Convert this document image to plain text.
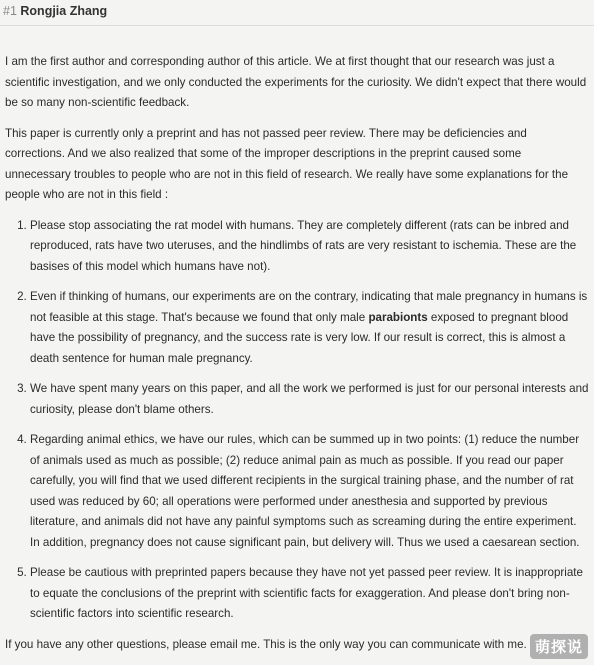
#1 Rongjia Zhang

I am the first author and corresponding author of this article. We at first thought that our research was just a scientific investigation, and we only conducted the experiments for the curiosity. We didn't expect that there would be so many non-scientific feedback.

This paper is currently only a preprint and has not passed peer review. There may be deficiencies and corrections. And we also realized that some of the improper descriptions in the preprint caused some unnecessary troubles to people who are not in this field of research. We really have some explanations for the people who are not in this field :

1. Please stop associating the rat model with humans. They are completely different (rats can be inbred and reproduced, rats have two uteruses, and the hindlimbs of rats are very resistant to ischemia. These are the basises of this model which humans have not).
2. Even if thinking of humans, our experiments are on the contrary, indicating that male pregnancy in humans is not feasible at this stage. That's because we found that only male parabionts exposed to pregnant blood have the possibility of pregnancy, and the success rate is very low. If our result is correct, this is almost a death sentence for human male pregnancy.
3. We have spent many years on this paper, and all the work we performed is just for our personal interests and curiosity, please don't blame others.
4. Regarding animal ethics, we have our rules, which can be summed up in two points: (1) reduce the number of animals used as much as possible; (2) reduce animal pain as much as possible. If you read our paper carefully, you will find that we used different recipients in the surgical training phase, and the number of rat used was reduced by 60; all operations were performed under anesthesia and supported by previous literature, and animals did not have any painful symptoms such as screaming during the entire experiment. In addition, pregnancy does not cause significant pain, but delivery will. Thus we used a caesarean section.
5. Please be cautious with preprinted papers because they have not yet passed peer review. It is inappropriate to equate the conclusions of the preprint with scientific facts for exaggeration. And please don't bring non-scientific factors into scientific research.

If you have any other questions, please email me. This is the only way you can communicate with me. 萌探说
